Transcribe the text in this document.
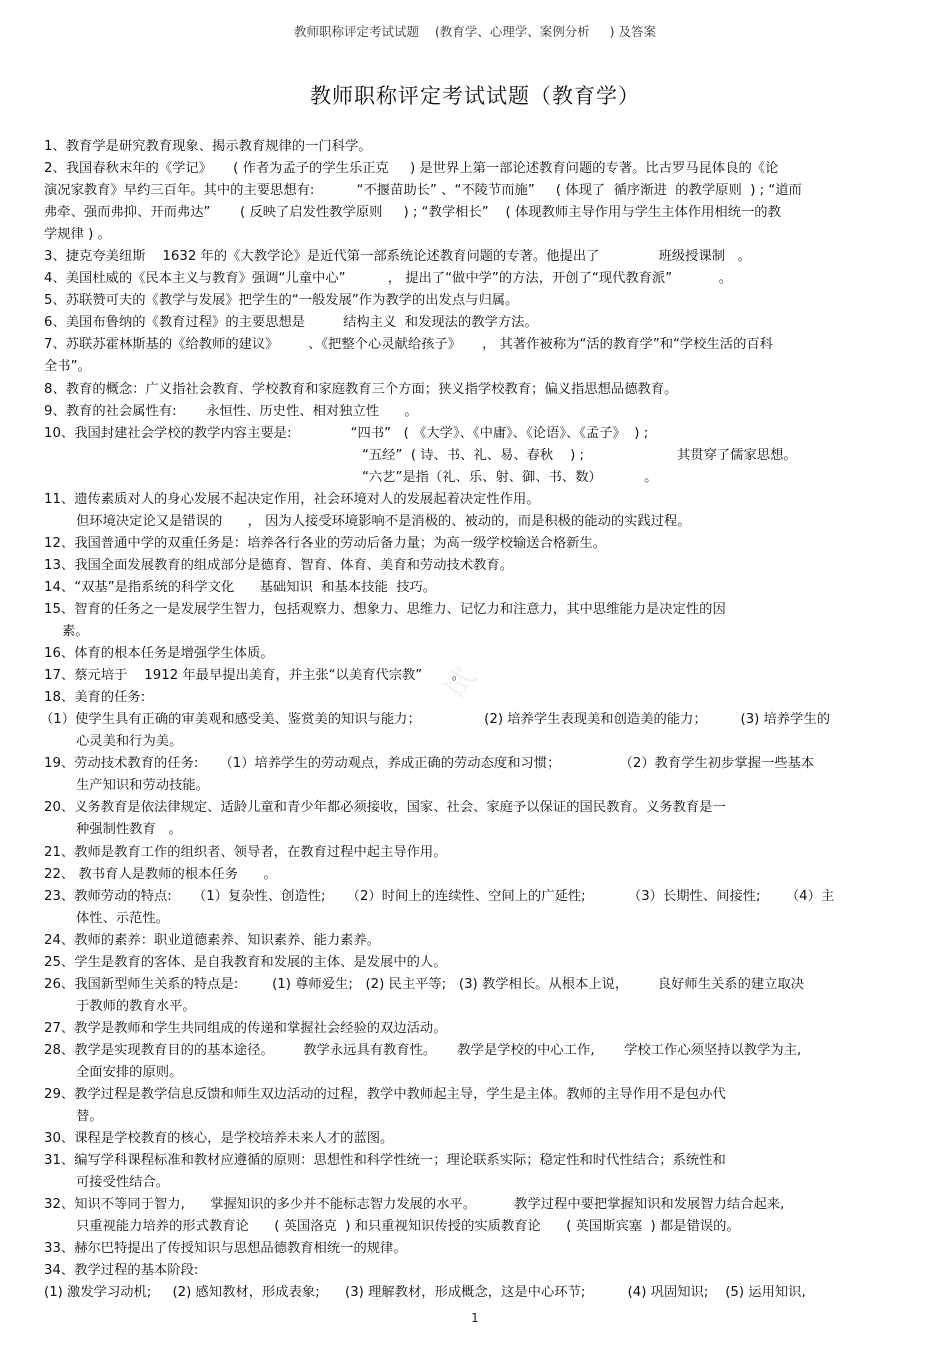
教师职称评定考试试题    (教育学、心理学、案例分析     ) 及答案
教师职称评定考试试题（教育学）
1、教育学是研究教育现象、揭示教育规律的一门科学。
2、我国春秋末年的《学记》     ( 作者为孟子的学生乐正克     ) 是世界上第一部论述教育问题的专著。比古罗马昆体良的《论
演况家教育》早约三百年。其中的主要思想有:          “不揠苗助长” 、“不陵节而施”     ( 体现了  循序渐进  的教学原则  ) ; “道而
弗牵、强而弗抑、开而弗达”       ( 反映了启发性教学原则     ) ; “教学相长”    ( 体现教师主导作用与学生主体作用相统一的教
学规律 ) 。
3、捷克夸美纽斯    1632 年的《大教学论》是近代第一部系统论述教育问题的专著。他提出了              班级授课制   。
4、美国杜威的《民本主义与教育》强调“儿童中心”          ， 提出了“做中学”的方法，开创了“现代教育派”           。
5、苏联赞可夫的《教学与发展》把学生的“一般发展”作为教学的出发点与归属。
6、美国布鲁纳的《教育过程》的主要思想是         结构主义  和发现法的教学方法。
7、苏联苏霍林斯基的《给教师的建议》       、《把整个心灵献给孩子》     ， 其著作被称为“活的教育学”和“学校生活的百科
全书”。
8、教育的概念：广义指社会教育、学校教育和家庭教育三个方面；狭义指学校教育；偏义指思想品德教育。
9、教育的社会属性有:       永恒性、历史性、相对独立性      。
10、我国封建社会学校的教学内容主要是:              “四书”   ( 《大学》、《中庸》、《论语》、《孟子》  ) ;
“五经”  ( 诗、书、礼、易、春秋    ) ;                      其贯穿了儒家思想。
“六艺”是指（礼、乐、射、御、书、数）          。
11、遗传素质对人的身心发展不起决定作用，社会环境对人的发展起着决定性作用。
但环境决定论又是错误的      ， 因为人接受环境影响不是消极的、被动的，而是积极的能动的实践过程。
12、我国普通中学的双重任务是：培养各行各业的劳动后备力量；为高一级学校输送合格新生。
13、我国全面发展教育的组成部分是德育、智育、体育、美育和劳动技术教育。
14、“双基”是指系统的科学文化      基础知识  和基本技能  技巧。
15、智育的任务之一是发展学生智力，包括观察力、想象力、思维力、记忆力和注意力，其中思维能力是决定性的因
素。
16、体育的根本任务是增强学生体质。
17、蔡元培于    1912 年最早提出美育，并主张“以美育代宗教”       。
18、美育的任务:
（1）使学生具有正确的审美观和感受美、鉴赏美的知识与能力；               (2) 培养学生表现美和创造美的能力；        (3) 培养学生的
心灵美和行为美。
19、劳动技术教育的任务:     （1）培养学生的劳动观点，养成正确的劳动态度和习惯；              （2）教育学生初步掌握一些基本
生产知识和劳动技能。
20、义务教育是依法律规定、适龄儿童和青少年都必须接收，国家、社会、家庭予以保证的国民教育。义务教育是一
种强制性教育   。
21、教师是教育工作的组织者、领导者，在教育过程中起主导作用。
22、 教书育人是教师的根本任务      。
23、教师劳动的特点:     （1）复杂性、创造性;     （2）时间上的连续性、空间上的广延性;          （3）长期性、间接性;      （4）主
体性、示范性。
24、教师的素养：职业道德素养、知识素养、能力素养。
25、学生是教育的客体、是自我教育和发展的主体、是发展中的人。
26、我国新型师生关系的特点是:        (1) 尊师爱生;   (2) 民主平等;   (3) 教学相长。从根本上说，       良好师生关系的建立取决
于教师的教育水平。
27、教学是教师和学生共同组成的传递和掌握社会经验的双边活动。
28、教学是实现教育目的的基本途径。       教学永远具有教育性。     教学是学校的中心工作,       学校工作心须坚持以教学为主,
全面安排的原则。
29、教学过程是教学信息反馈和师生双边活动的过程，教学中教师起主导，学生是主体。教师的主导作用不是包办代
替。
30、课程是学校教育的核心，是学校培养未来人才的蓝图。
31、编写学科课程标准和教材应遵循的原则：思想性和科学性统一；理论联系实际；稳定性和时代性结合；系统性和
可接受性结合。
32、知识不等同于智力,      掌握知识的多少并不能标志智力发展的水平。         教学过程中要把掌握知识和发展智力结合起来,
只重视能力培养的形式教育论      ( 英国洛克  ) 和只重视知识传授的实质教育论      ( 英国斯宾塞  ) 都是错误的。
33、赫尔巴特提出了传授知识与思想品德教育相统一的规律。
34、教学过程的基本阶段:
(1) 激发学习动机;     (2) 感知教材，形成表象;      (3) 理解教材，形成概念，这是中心环节;          (4) 巩固知识;    (5) 运用知识,
试
1
